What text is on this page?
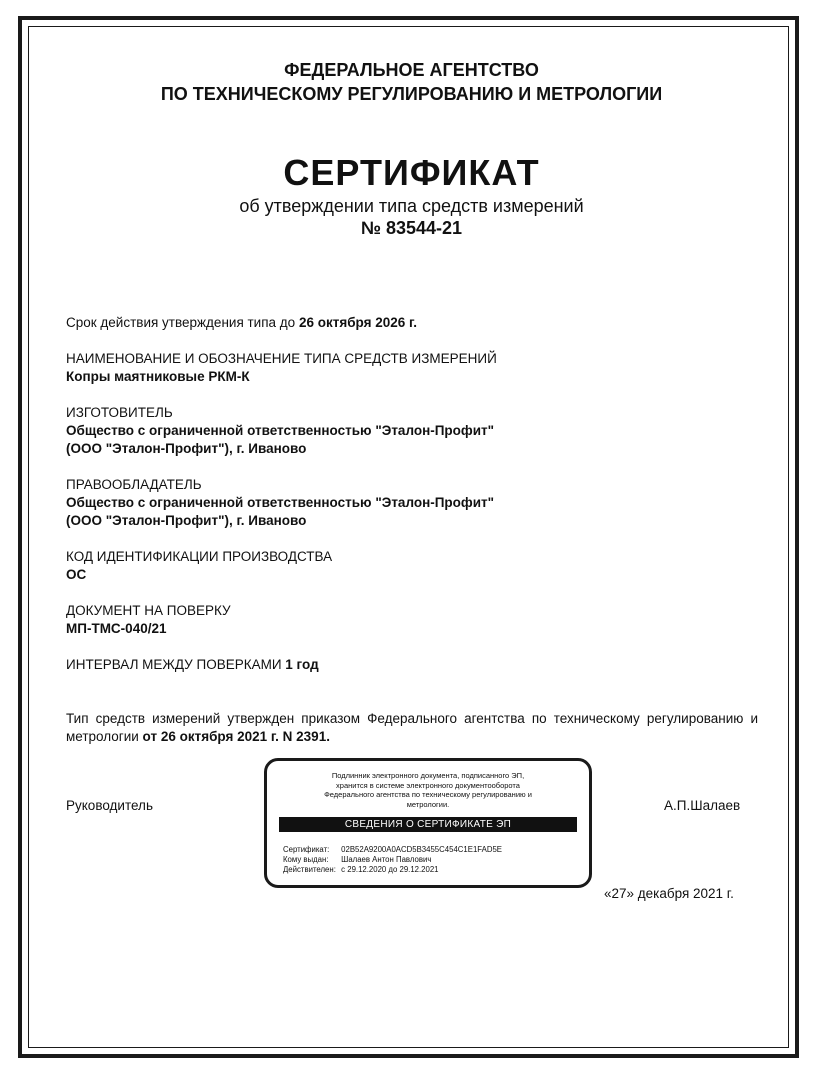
ФЕДЕРАЛЬНОЕ АГЕНТСТВО
ПО ТЕХНИЧЕСКОМУ РЕГУЛИРОВАНИЮ И МЕТРОЛОГИИ
СЕРТИФИКАТ
об утверждении типа средств измерений
№ 83544-21
Срок действия утверждения типа до 26 октября 2026 г.
НАИМЕНОВАНИЕ И ОБОЗНАЧЕНИЕ ТИПА СРЕДСТВ ИЗМЕРЕНИЙ
Копры маятниковые РКМ-К
ИЗГОТОВИТЕЛЬ
Общество с ограниченной ответственностью "Эталон-Профит"
(ООО "Эталон-Профит"), г. Иваново
ПРАВООБЛАДАТЕЛЬ
Общество с ограниченной ответственностью "Эталон-Профит"
(ООО "Эталон-Профит"), г. Иваново
КОД ИДЕНТИФИКАЦИИ ПРОИЗВОДСТВА
ОС
ДОКУМЕНТ НА ПОВЕРКУ
МП-ТМС-040/21
ИНТЕРВАЛ МЕЖДУ ПОВЕРКАМИ 1 год
Тип средств измерений утвержден приказом Федерального агентства по техническому регулированию и метрологии от 26 октября 2021 г. N 2391.
Подлинник электронного документа, подписанного ЭП,
хранится в системе электронного документооборота
Федерального агентства по техническому регулированию и
метрологии.
СВЕДЕНИЯ О СЕРТИФИКАТЕ ЭП
Сертификат: 02B52A9200A0ACD5B3455C454C1E1FAD5E
Кому выдан: Шалаев Антон Павлович
Действителен: с 29.12.2020 до 29.12.2021
Руководитель	А.П.Шалаев
«27» декабря 2021 г.
